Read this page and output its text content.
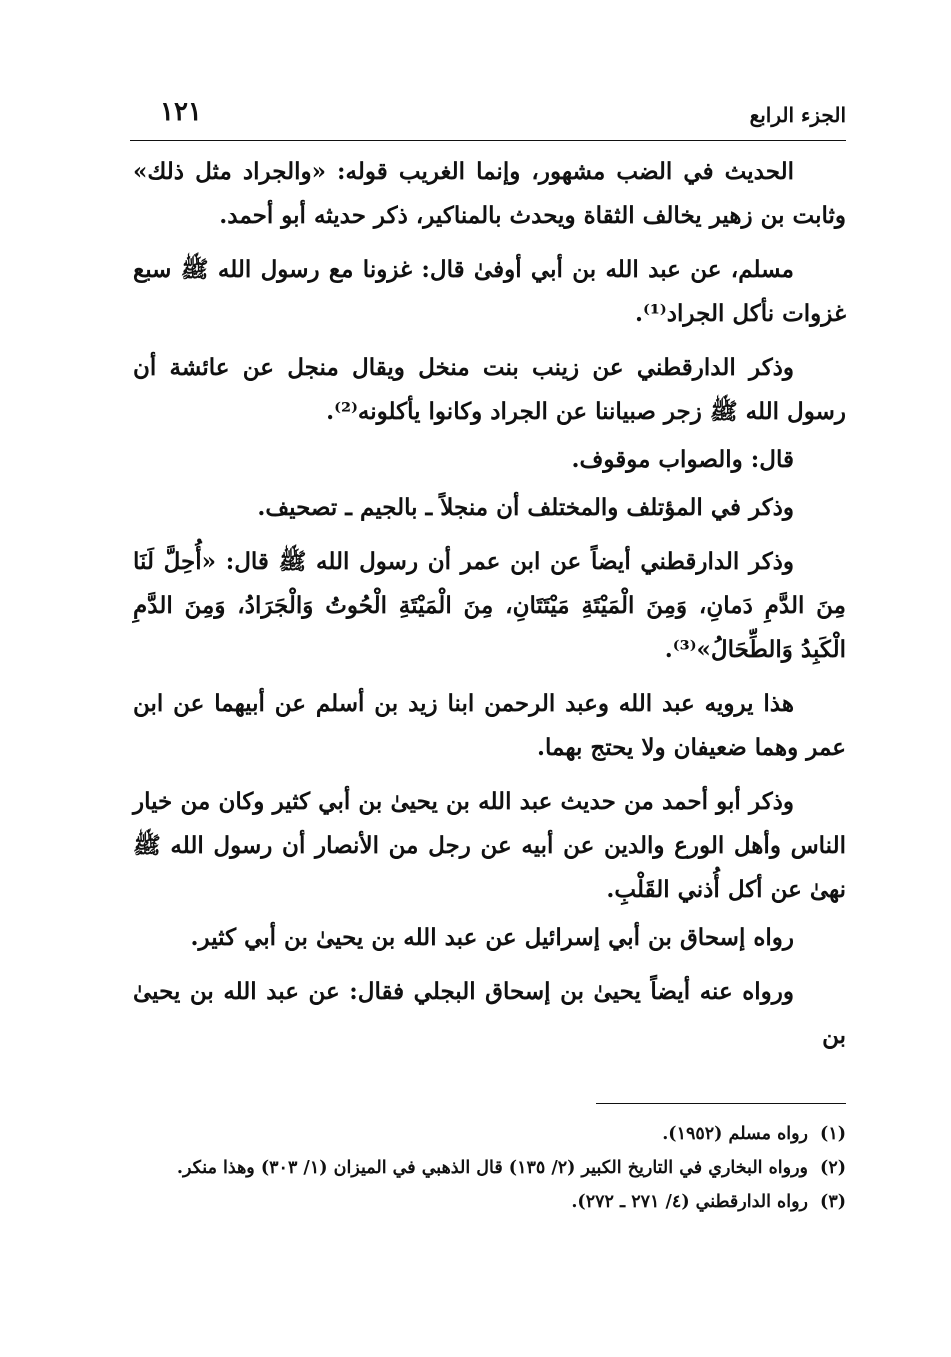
الجزء الرابع
١٢١

الحديث في الضب مشهور، وإنما الغريب قوله: «والجراد مثل ذلك» وثابت بن زهير يخالف الثقاة ويحدث بالمناكير، ذكر حديثه أبو أحمد.

مسلم، عن عبد الله بن أبي أوفىٰ قال: غزونا مع رسول الله ﷺ سبع غزوات نأكل الجراد⁽¹⁾.

وذكر الدارقطني عن زينب بنت منخل ويقال منجل عن عائشة أن رسول الله ﷺ زجر صبياننا عن الجراد وكانوا يأكلونه⁽²⁾.

قال: والصواب موقوف.

وذكر في المؤتلف والمختلف أن منجلاً ـ بالجيم ـ تصحيف.

وذكر الدارقطني أيضاً عن ابن عمر أن رسول الله ﷺ قال: «أُحِلَّ لَنَا مِنَ الدَّمِ دَمانِ، وَمِنَ الْمَيْتَةِ مَيْتَتَانِ، مِنَ الْمَيْتَةِ الْحُوتُ وَالْجَرَادُ، وَمِنَ الدَّمِ الْكَبِدُ وَالطِّحَالُ»⁽³⁾.

هذا يرويه عبد الله وعبد الرحمن ابنا زيد بن أسلم عن أبيهما عن ابن عمر وهما ضعيفان ولا يحتج بهما.

وذكر أبو أحمد من حديث عبد الله بن يحيىٰ بن أبي كثير وكان من خيار الناس وأهل الورع والدين عن أبيه عن رجل من الأنصار أن رسول الله ﷺ نهىٰ عن أكل أُذني القَلْبِ.

رواه إسحاق بن أبي إسرائيل عن عبد الله بن يحيىٰ بن أبي كثير.

ورواه عنه أيضاً يحيىٰ بن إسحاق البجلي فقال: عن عبد الله بن يحيىٰ بن

(١)
رواه مسلم (١٩٥٢).

(٢)
ورواه البخاري في التاريخ الكبير (٢/ ١٣٥) قال الذهبي في الميزان (١/ ٣٠٣) وهذا منكر.

(٣)
رواه الدارقطني (٤/ ٢٧١ ـ ٢٧٢).
